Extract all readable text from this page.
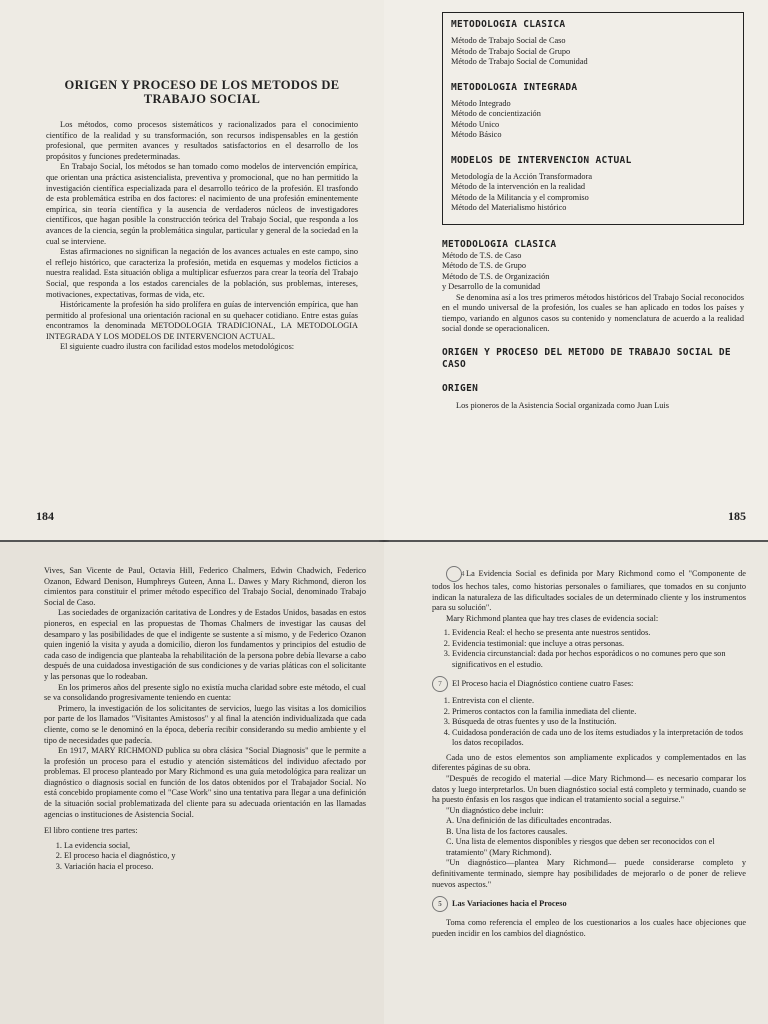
ORIGEN Y PROCESO DE LOS METODOS DE TRABAJO SOCIAL

Los métodos, como procesos sistemáticos y racionalizados para el conocimiento científico de la realidad y su transformación, son recursos indispensables en la gestión profesional, que permiten avances y resultados satisfactorios en el desarrollo de los propósitos y funciones predeterminadas.

En Trabajo Social, los métodos se han tomado como modelos de intervención empírica, que orientan una práctica asistencialista, preventiva y promocional, que no han permitido la investigación científica especializada para el desarrollo teórico de la profesión. El trasfondo de esta problemática estriba en dos factores: el nacimiento de una profesión eminentemente empírica, sin teoría científica y la ausencia de verdaderos núcleos de investigadores científicos, que hagan posible la construcción teórica del Trabajo Social, que responda a los avances de la ciencia, según la problemática singular, particular y general de la sociedad en la cual se interviene.

Estas afirmaciones no significan la negación de los avances actuales en este campo, sino el reflejo histórico, que caracteriza la profesión, metida en esquemas y modelos ficticios a nuestra realidad. Esta situación obliga a multiplicar esfuerzos para crear la teoría del Trabajo Social, que responda a los estados carenciales de la población, sus problemas, intereses, motivaciones, expectativas, formas de vida, etc.

Históricamente la profesión ha sido prolífera en guías de intervención empírica, que han permitido al profesional una orientación racional en su quehacer cotidiano. Entre estas guías encontramos la denominada METODOLOGIA TRADICIONAL, LA METODOLOGIA INTEGRADA Y LOS MODELOS DE INTERVENCION ACTUAL.

El siguiente cuadro ilustra con facilidad estos modelos metodológicos:

184
METODOLOGIA CLASICA
Método de Trabajo Social de Caso
Método de Trabajo Social de Grupo
Método de Trabajo Social de Comunidad
METODOLOGIA INTEGRADA
Método Integrado
Método de concientización
Método Unico
Método Básico
MODELOS DE INTERVENCION ACTUAL
Metodología de la Acción Transformadora
Método de la intervención en la realidad
Método de la Militancia y el compromiso
Método del Materialismo histórico
METODOLOGIA CLASICA
Método de T.S. de Caso
Método de T.S. de Grupo
Método de T.S. de Organización
y Desarrollo de la comunidad

Se denomina así a los tres primeros métodos históricos del Trabajo Social reconocidos en el mundo universal de la profesión, los cuales se han aplicado en todos los países y tiempo, variando en algunos casos su contenido y nomenclatura de acuerdo a la realidad social donde se operacionalicen.

ORIGEN Y PROCESO DEL METODO DE TRABAJO SOCIAL DE CASO
ORIGEN

Los pioneros de la Asistencia Social organizada como Juan Luis

185

Vives, San Vicente de Paul, Octavia Hill, Federico Chalmers, Edwin Chadwich, Federico Ozanon, Edward Denison, Humphreys Guteen, Anna L. Dawes y Mary Richmond, dieron los cimientos para constituir el primer método específico del Trabajo Social, denominado Trabajo Social de Caso.

Las sociedades de organización caritativa de Londres y de Estados Unidos, basadas en estos pioneros, en especial en las propuestas de Thomas Chalmers de investigar las causas del desamparo y las posibilidades de que el indigente se sustente a sí mismo, y de Federico Ozanon quien ingenió la visita y ayuda a domicilio, dieron los fundamentos y principios del estudio de cada caso de indigencia que planteaba la rehabilitación de la persona pobre debía llevarse a cabo después de una cuidadosa investigación de sus condiciones y de varias pláticas con el solicitante y las personas que lo rodeaban.

En los primeros años del presente siglo no existía mucha claridad sobre este método, el cual se va consolidando progresivamente teniendo en cuenta:

Primero, la investigación de los solicitantes de servicios, luego las visitas a los domicilios por parte de los llamados "Visitantes Amistosos" y al final la atención individualizada que cada cliente, como se le denominó en la época, debería recibir considerando su medio ambiente y el tipo de necesidades que padecía.

En 1917, MARY RICHMOND publica su obra clásica "Social Diagnosis" que le permite a la profesión un proceso para el estudio y atención sistemáticos del individuo afectado por problemas. El proceso planteado por Mary Richmond es una guía metodológica para realizar un diagnóstico o diagnosis social en función de los datos obtenidos por el Trabajador Social. No está concebido propiamente como el "Case Work" sino una tentativa para llegar a una definición de la situación social problematizada del cliente para su adecuada orientación en las llamadas agencias o instituciones de Asistencia Social.

El libro contiene tres partes:

1. La evidencia social,
2. El proceso hacia el diagnóstico, y
3. Variación hacia el proceso.

4 La Evidencia Social es definida por Mary Richmond como el "Componente de todos los hechos tales, como historias personales o familiares, que tomados en su conjunto indican la naturaleza de las dificultades sociales de un determinado cliente y los instrumentos para su solución".

Mary Richmond plantea que hay tres clases de evidencia social:

1. Evidencia Real: el hecho se presenta ante nuestros sentidos.
2. Evidencia testimonial: que incluye a otras personas.
3. Evidencia circunstancial: dada por hechos esporádicos o no comunes pero que son significativos en el estudio.

7 El Proceso hacia el Diagnóstico contiene cuatro Fases:

1. Entrevista con el cliente.
2. Primeros contactos con la familia inmediata del cliente.
3. Búsqueda de otras fuentes y uso de la Institución.
4. Cuidadosa ponderación de cada uno de los ítems estudiados y la interpretación de todos los datos recopilados.

Cada uno de estos elementos son ampliamente explicados y complementados en las diferentes páginas de su obra.

"Después de recogido el material —dice Mary Richmond— es necesario comparar los datos y luego interpretarlos. Un buen diagnóstico social está completo y terminado, cuando se ha puesto énfasis en los rasgos que indican el tratamiento social a seguirse."

"Un diagnóstico debe incluir:

A. Una definición de las dificultades encontradas.
B. Una lista de los factores causales.
C. Una lista de elementos disponibles y riesgos que deben ser reconocidos con el tratamiento" (Mary Richmond).

"Un diagnóstico—plantea Mary Richmond— puede considerarse completo y definitivamente terminado, siempre hay posibilidades de mejorarlo o de poner de relieve nuevos aspectos."

5 Las Variaciones hacia el Proceso

Toma como referencia el empleo de los cuestionarios a los cuales hace objeciones que pueden incidir en los cambios del diagnóstico.
